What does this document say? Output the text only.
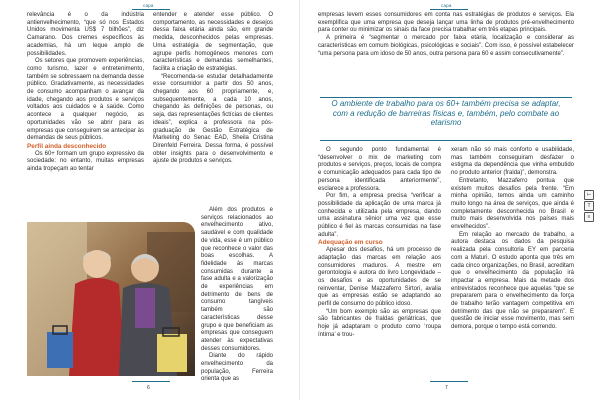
capa

relevância é o da indústria antienvelhecimento, “que só nos Estados Unidos movimenta US$ 7 bilhões”, diz Camarano. Dos cremes específicos às academias, há um leque amplo de possibilidades.

Os setores que promovem experiências, como turismo, lazer e entretenimento, também se sobressaem na demanda desse público. Gradativamente, as necessidades de consumo acompanham o avançar da idade, chegando aos produtos e serviços voltados aos cuidados e à saúde. Como acontece a qualquer negócio, as oportunidades vão se abrir para as empresas que conseguirem se antecipar às demandas de seus públicos.

Perfil ainda desconhecido

Os 60+ formam um grupo expressivo da sociedade: no entanto, muitas empresas ainda tropeçam ao tentar

entender e atender esse público. O comportamento, as necessidades e desejos dessa faixa etária ainda são, em grande medida, desconhecidos pelas empresas. Uma estratégia de segmentação, que agrupe perfis homogêneos menores com características e demandas semelhantes, facilita a criação de estratégias.

“Recomenda-se estudar detalhadamente esse consumidor a partir dos 50 anos, chegando aos 60 propriamente, e, subsequentemente, a cada 10 anos, chegando às definições de personas, ou seja, das representações fictícias de clientes ideais”, explica a professora na pós-graduação de Gestão Estratégica de Marketing do Senac EAD, Sheila Cristina Direnfeld Ferreira. Dessa forma, é possível obter insights para o desenvolvimento e ajuste de produtos e serviços.

Além dos produtos e serviços relacionados ao envelhecimento ativo, saudável e com qualidade de vida, esse é um público que reconhece o valor das boas escolhas. A fidelidade às marcas consumidas durante a fase adulta e a valorização de experiências em detrimento de bens de consumo tangíveis também são características desse grupo e que beneficiam as empresas que conseguem atender às expectativas desses consumidores.

Diante do rápido envelhecimento da população, Ferreira orienta que as

6
capa

empresas levem esses consumidores em conta nas estratégias de produtos e serviços. Ela exemplifica que uma empresa que deseja lançar uma linha de produtos pré-envelhecimento para conter ou minimizar os sinais da face precisa trabalhar em três etapas principais.

A primeira é “segmentar o mercado por faixa etária, localização e considerar as características em comum biológicas, psicológicas e sociais”. Com isso, é possível estabelecer “uma persona para um idoso de 50 anos, outra persona para 60 e assim consecutivamente”.

O ambiente de trabalho para os 60+ também precisa se adaptar, com a redução de barreiras físicas e, também, pelo combate ao etarismo

O segundo ponto fundamental é “desenvolver o mix de marketing com produtos e serviços, preços, locais de compra e comunicação adequados para cada tipo de persona identificada anteriormente”, esclarece a professora.

Por fim, a empresa precisa “verificar a possibilidade da aplicação de uma marca já conhecida e utilizada pela empresa, dando uma assinatura sênior uma vez que esse público é fiel às marcas consumidas na fase adulta”.

Adequação em curso

Apesar dos desafios, há um processo de adaptação das marcas em relação aos consumidores maduros. A mestre em gerontologia e autora do livro Longevidade – os desafios e as oportunidades de se reinventar, Denise Mazzaferro Sirtori, avalia que as empresas estão se adaptando ao perfil de consumo do público idoso.

“Um bom exemplo são as empresas que são fabricantes de fraldas geriátricas, que hoje já adaptaram o produto como ‘roupa íntima’ e trou-

xeram não só mais conforto e usabilidade, mas também conseguiram desfazer o estigma da dependência que vinha embutido no produto anterior (fralda)”, demonstra.

Entretanto, Mazzaferro pontua que existem muitos desafios pela frente. “Em minha opinião, temos ainda um caminho muito longo na área de serviços, que ainda é completamente desconhecida no Brasil e muito mais desenvolvida nos países mais envelhecidos”.

Em relação ao mercado de trabalho, a autora destaca os dados da pesquisa realizada pela consultoria EY em parceria com a Maturi. O estudo aponta que três em cada cinco organizações, no Brasil, acreditam que o envelhecimento da população irá impactar a empresa. Mais da metade dos entrevistados reconhece que aquelas “que se prepararem para o envelhecimento da força de trabalho terão vantagem competitiva em detrimento das que não se prepararem”. E questão de iniciar esse movimento, mas sem demora, porque o tempo está correndo.

7
⊢
T
≡
